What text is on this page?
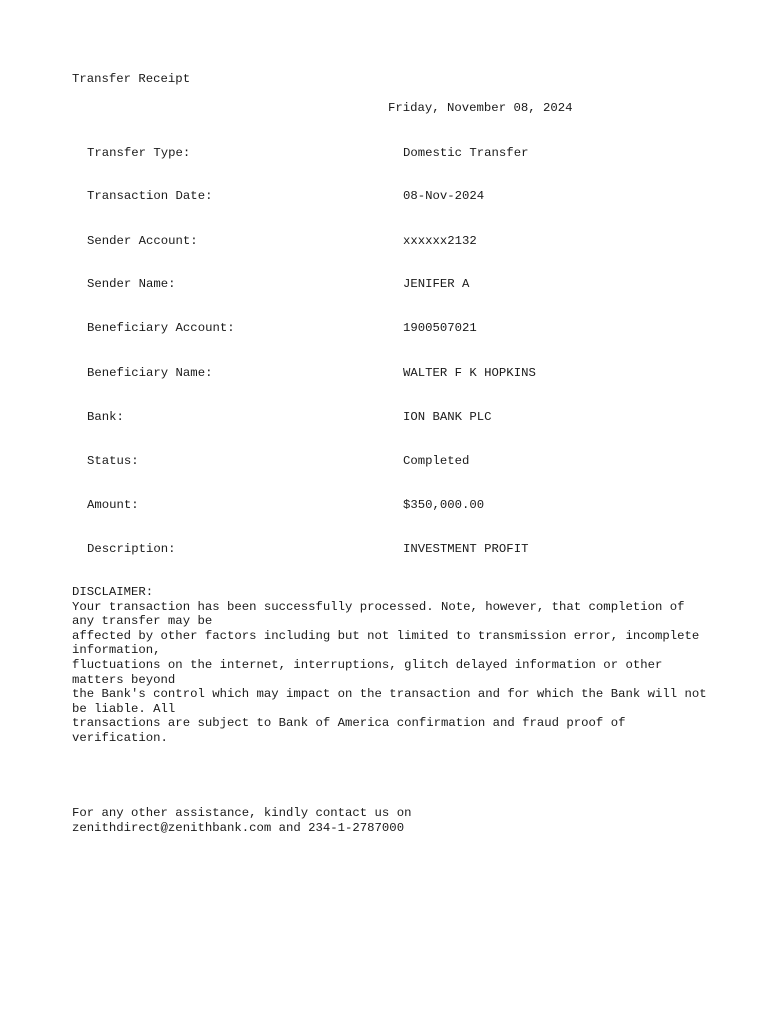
Transfer Receipt
Friday, November 08, 2024
Transfer Type:	Domestic Transfer
Transaction Date:	08-Nov-2024
Sender Account:	xxxxxx2132
Sender Name:	JENIFER A
Beneficiary Account:	1900507021
Beneficiary Name:	WALTER F K HOPKINS
Bank:	ION BANK PLC
Status:	Completed
Amount:	$350,000.00
Description:	INVESTMENT PROFIT
DISCLAIMER:
Your transaction has been successfully processed. Note, however, that completion of any transfer may be
affected by other factors including but not limited to transmission error, incomplete information,
fluctuations on the internet, interruptions, glitch delayed information or other matters beyond
the Bank's control which may impact on the transaction and for which the Bank will not be liable. All
transactions are subject to Bank of America confirmation and fraud proof of verification.
For any other assistance, kindly contact us on
zenithdirect@zenithbank.com and 234-1-2787000
